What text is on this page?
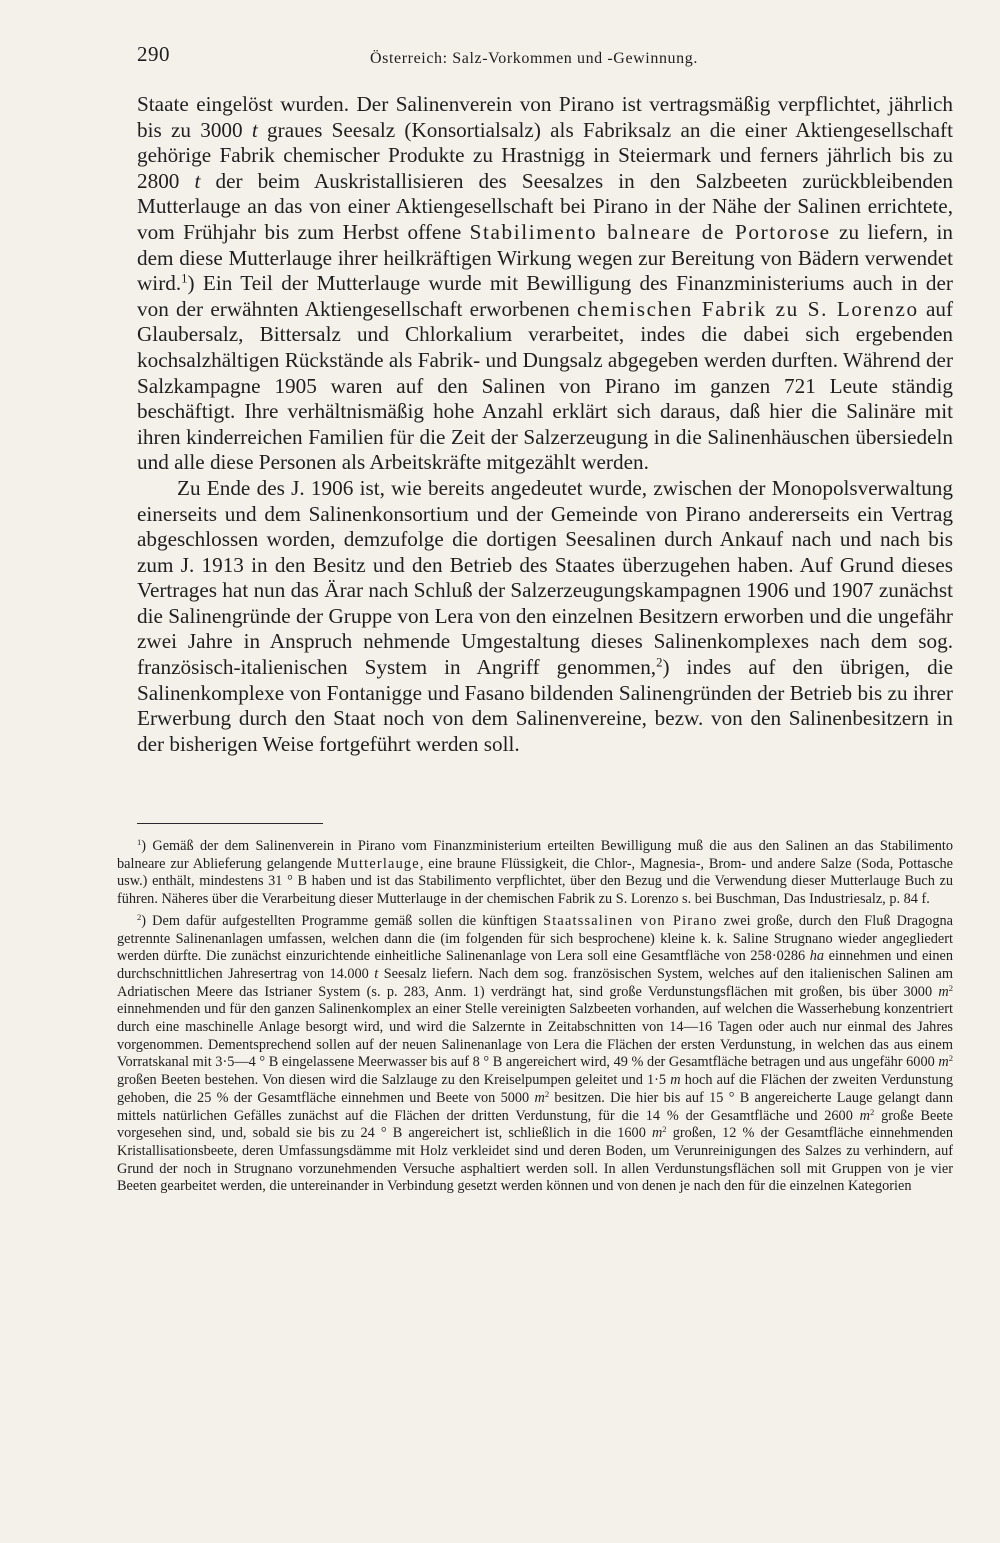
290	Österreich: Salz-Vorkommen und -Gewinnung.

Staate eingelöst wurden. Der Salinenverein von Pirano ist vertragsmäßig verpflichtet, jährlich bis zu 3000 t graues Seesalz (Konsortialsalz) als Fabriksalz an die einer Aktiengesellschaft gehörige Fabrik chemischer Produkte zu Hrastnigg in Steiermark und ferners jährlich bis zu 2800 t der beim Auskristallisieren des Seesalzes in den Salzbeeten zurückbleibenden Mutterlauge an das von einer Aktiengesellschaft bei Pirano in der Nähe der Salinen errichtete, vom Frühjahr bis zum Herbst offene Stabilimento balneare de Portorose zu liefern, in dem diese Mutterlauge ihrer heilkräftigen Wirkung wegen zur Bereitung von Bädern verwendet wird.$^1$) Ein Teil der Mutterlauge wurde mit Bewilligung des Finanzministeriums auch in der von der erwähnten Aktiengesellschaft erworbenen chemischen Fabrik zu S. Lorenzo auf Glaubersalz, Bittersalz und Chlorkalium verarbeitet, indes die dabei sich ergebenden kochsalzhältigen Rückstände als Fabrik- und Dungsalz abgegeben werden durften. Während der Salzkampagne 1905 waren auf den Salinen von Pirano im ganzen 721 Leute ständig beschäftigt. Ihre verhältnismäßig hohe Anzahl erklärt sich daraus, daß hier die Salinäre mit ihren kinderreichen Familien für die Zeit der Salzerzeugung in die Salinenhäuschen übersiedeln und alle diese Personen als Arbeitskräfte mitgezählt werden.

Zu Ende des J. 1906 ist, wie bereits angedeutet wurde, zwischen der Monopolsverwaltung einerseits und dem Salinenkonsortium und der Gemeinde von Pirano andererseits ein Vertrag abgeschlossen worden, demzufolge die dortigen Seesalinen durch Ankauf nach und nach bis zum J. 1913 in den Besitz und den Betrieb des Staates überzugehen haben. Auf Grund dieses Vertrages hat nun das Ärar nach Schluß der Salzerzeugungskampagnen 1906 und 1907 zunächst die Salinengründe der Gruppe von Lera von den einzelnen Besitzern erworben und die ungefähr zwei Jahre in Anspruch nehmende Umgestaltung dieses Salinenkomplexes nach dem sog. französisch-italienischen System in Angriff genommen,$^2$) indes auf den übrigen, die Salinenkomplexe von Fontanigge und Fasano bildenden Salinengründen der Betrieb bis zu ihrer Erwerbung durch den Staat noch von dem Salinenvereine, bezw. von den Salinenbesitzern in der bisherigen Weise fortgeführt werden soll.

$^1$) Gemäß der dem Salinenverein in Pirano vom Finanzministerium erteilten Bewilligung muß die aus den Salinen an das Stabilimento balneare zur Ablieferung gelangende Mutterlauge, eine braune Flüssigkeit, die Chlor-, Magnesia-, Brom- und andere Salze (Soda, Pottasche usw.) enthält, mindestens 31 ° B haben und ist das Stabilimento verpflichtet, über den Bezug und die Verwendung dieser Mutterlauge Buch zu führen. Näheres über die Verarbeitung dieser Mutterlauge in der chemischen Fabrik zu S. Lorenzo s. bei Buschman, Das Industriesalz, p. 84 f.

$^2$) Dem dafür aufgestellten Programme gemäß sollen die künftigen Staatssalinen von Pirano zwei große, durch den Fluß Dragogna getrennte Salinenanlagen umfassen, welchen dann die (im folgenden für sich besprochene) kleine k. k. Saline Strugnano wieder angegliedert werden dürfte. Die zunächst einzurichtende einheitliche Salinenanlage von Lera soll eine Gesamtfläche von 258·0286 ha einnehmen und einen durchschnittlichen Jahresertrag von 14.000 t Seesalz liefern. Nach dem sog. französischen System, welches auf den italienischen Salinen am Adriatischen Meere das Istrianer System (s. p. 283, Anm. 1) verdrängt hat, sind große Verdunstungsflächen mit großen, bis über 3000 $m^2$ einnehmenden und für den ganzen Salinenkomplex an einer Stelle vereinigten Salzbeeten vorhanden, auf welchen die Wasserhebung konzentriert durch eine maschinelle Anlage besorgt wird, und wird die Salzernte in Zeitabschnitten von 14—16 Tagen oder auch nur einmal des Jahres vorgenommen. Dementsprechend sollen auf der neuen Salinenanlage von Lera die Flächen der ersten Verdunstung, in welchen das aus einem Vorratskanal mit 3·5—4 ° B eingelassene Meerwasser bis auf 8 ° B angereichert wird, 49 % der Gesamtfläche betragen und aus ungefähr 6000 $m^2$ großen Beeten bestehen. Von diesen wird die Salzlauge zu den Kreiselpumpen geleitet und 1·5 m hoch auf die Flächen der zweiten Verdunstung gehoben, die 25 % der Gesamtfläche einnehmen und Beete von 5000 $m^2$ besitzen. Die hier bis auf 15 ° B angereicherte Lauge gelangt dann mittels natürlichen Gefälles zunächst auf die Flächen der dritten Verdunstung, für die 14 % der Gesamtfläche und 2600 $m^2$ große Beete vorgesehen sind, und, sobald sie bis zu 24 ° B angereichert ist, schließlich in die 1600 $m^2$ großen, 12 % der Gesamtfläche einnehmenden Kristallisationsbeete, deren Umfassungsdämme mit Holz verkleidet sind und deren Boden, um Verunreinigungen des Salzes zu verhindern, auf Grund der noch in Strugnano vorzunehmenden Versuche asphaltiert werden soll. In allen Verdunstungsflächen soll mit Gruppen von je vier Beeten gearbeitet werden, die untereinander in Verbindung gesetzt werden können und von denen je nach den für die einzelnen Kategorien
